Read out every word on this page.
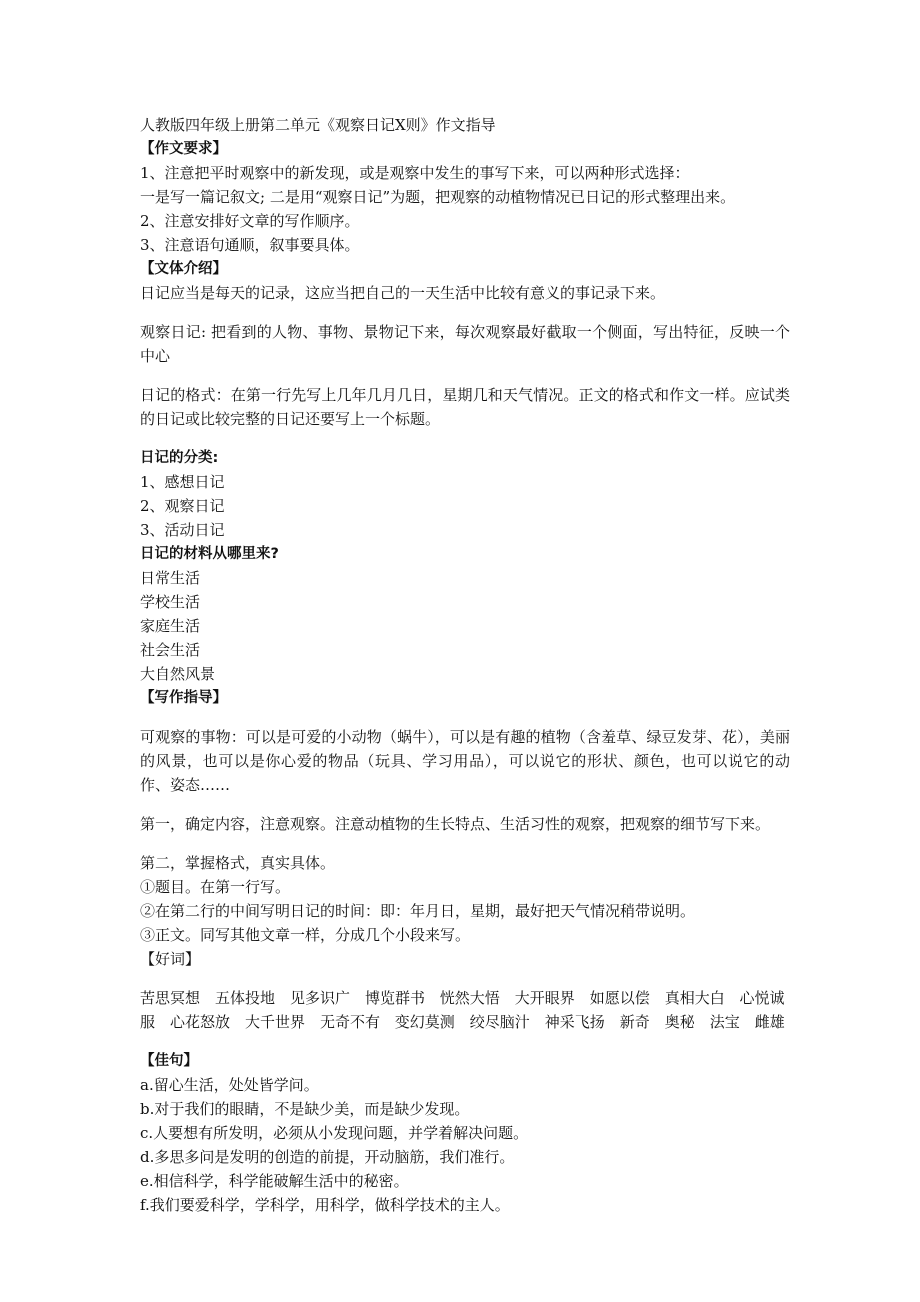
人教版四年级上册第二单元《观察日记X则》作文指导

【作文要求】

1、注意把平时观察中的新发现，或是观察中发生的事写下来，可以两种形式选择：

一是写一篇记叙文; 二是用“观察日记”为题，把观察的动植物情况已日记的形式整理出来。

2、注意安排好文章的写作顺序。

3、注意语句通顺，叙事要具体。

【文体介绍】

日记应当是每天的记录，这应当把自己的一天生活中比较有意义的事记录下来。

观察日记: 把看到的人物、事物、景物记下来，每次观察最好截取一个侧面，写出特征，反映一个中心

日记的格式：在第一行先写上几年几月几日，星期几和天气情况。正文的格式和作文一样。应试类的日记或比较完整的日记还要写上一个标题。

日记的分类:

1、感想日记

2、观察日记

3、活动日记

日记的材料从哪里来?

日常生活

学校生活

家庭生活

社会生活

大自然风景

【写作指导】

可观察的事物：可以是可爱的小动物（蜗牛），可以是有趣的植物（含羞草、绿豆发芽、花），美丽的风景，也可以是你心爱的物品（玩具、学习用品），可以说它的形状、颜色，也可以说它的动作、姿态……

第一，确定内容，注意观察。注意动植物的生长特点、生活习性的观察，把观察的细节写下来。

第二，掌握格式，真实具体。

①题目。在第一行写。

②在第二行的中间写明日记的时间：即：年月日，星期，最好把天气情况稍带说明。

③正文。同写其他文章一样，分成几个小段来写。

【好词】

苦思冥想　五体投地　见多识广　博览群书 恍然大悟　大开眼界　如愿以偿　真相大白 心悦诚服　心花怒放　大千世界　无奇不有 变幻莫测　绞尽脑汁　神采飞扬　新奇　奥秘　法宝　雌雄

【佳句】

a.留心生活，处处皆学问。

b.对于我们的眼睛，不是缺少美，而是缺少发现。

c.人要想有所发明，必须从小发现问题，并学着解决问题。

d.多思多问是发明的创造的前提，开动脑筋，我们准行。

e.相信科学，科学能破解生活中的秘密。

f.我们要爱科学，学科学，用科学，做科学技术的主人。
